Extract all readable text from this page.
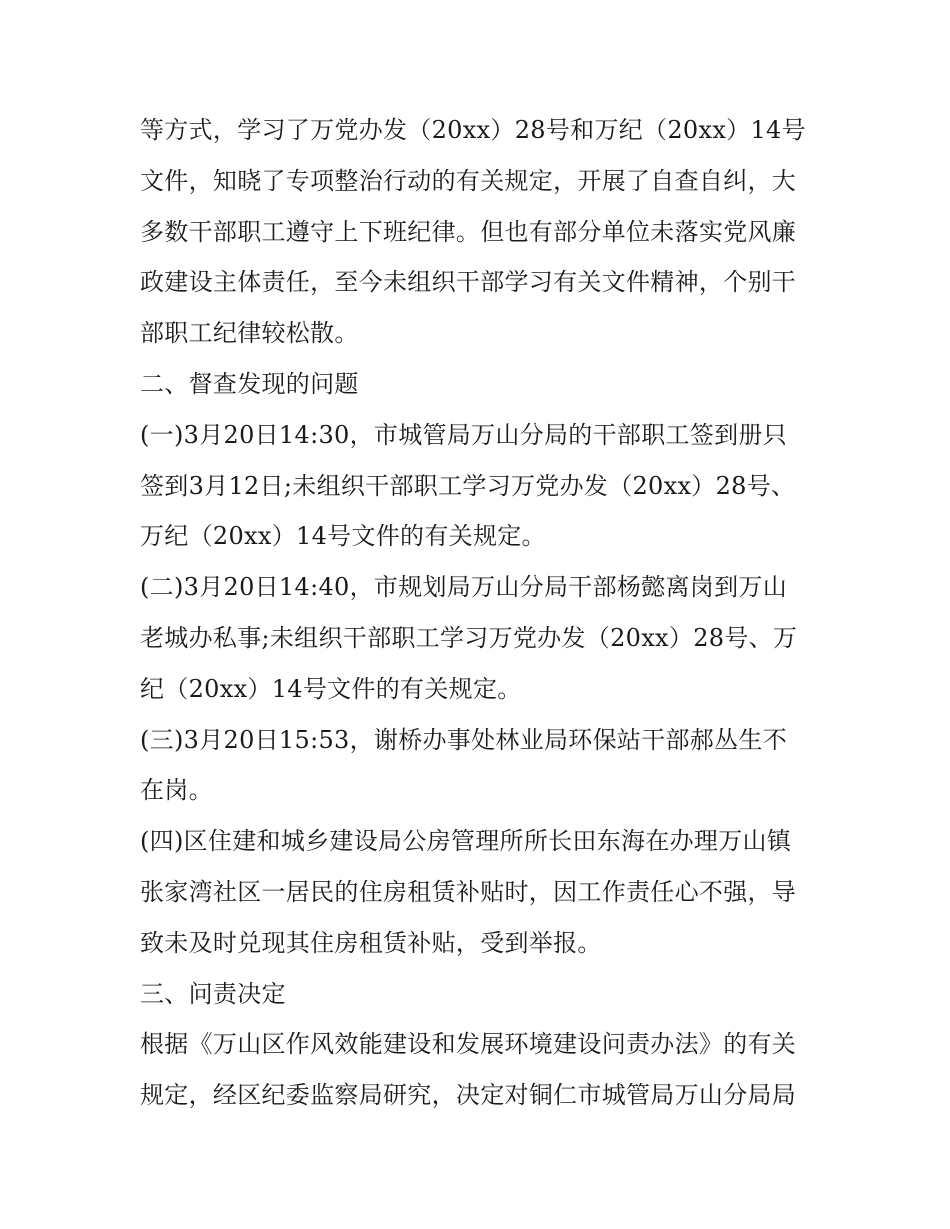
等方式，学习了万党办发（20xx）28号和万纪（20xx）14号
文件，知晓了专项整治行动的有关规定，开展了自查自纠，大
多数干部职工遵守上下班纪律。但也有部分单位未落实党风廉
政建设主体责任，至今未组织干部学习有关文件精神，个别干
部职工纪律较松散。
二、督查发现的问题
(一)3月20日14:30，市城管局万山分局的干部职工签到册只
签到3月12日;未组织干部职工学习万党办发（20xx）28号、
万纪（20xx）14号文件的有关规定。
(二)3月20日14:40，市规划局万山分局干部杨懿离岗到万山
老城办私事;未组织干部职工学习万党办发（20xx）28号、万
纪（20xx）14号文件的有关规定。
(三)3月20日15:53，谢桥办事处林业局环保站干部郝丛生不
在岗。
(四)区住建和城乡建设局公房管理所所长田东海在办理万山镇
张家湾社区一居民的住房租赁补贴时，因工作责任心不强，导
致未及时兑现其住房租赁补贴，受到举报。
三、问责决定
根据《万山区作风效能建设和发展环境建设问责办法》的有关
规定，经区纪委监察局研究，决定对铜仁市城管局万山分局局
